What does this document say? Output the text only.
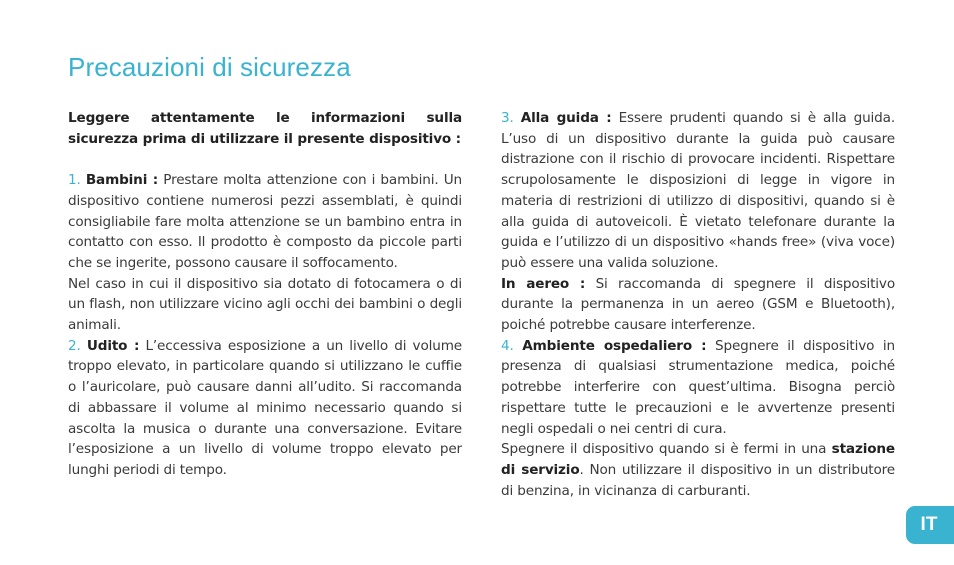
Precauzioni di sicurezza

Leggere attentamente le informazioni sulla sicurezza prima di utilizzare il presente dispositivo :

1. Bambini : Prestare molta attenzione con i bambini. Un dispositivo contiene numerosi pezzi assemblati, è quindi consigliabile fare molta attenzione se un bambino entra in contatto con esso. Il prodotto è composto da piccole parti che se ingerite, possono causare il soffocamento.

Nel caso in cui il dispositivo sia dotato di fotocamera o di un flash, non utilizzare vicino agli occhi dei bambini o degli animali.

2. Udito : L’eccessiva esposizione a un livello di volume troppo elevato, in particolare quando si utilizzano le cuffie o l’auricolare, può causare danni all’udito. Si raccomanda di abbassare il volume al minimo necessario quando si ascolta la musica o durante una conversazione. Evitare l’esposizione a un livello di volume troppo elevato per lunghi periodi di tempo.

3. Alla guida : Essere prudenti quando si è alla guida. L’uso di un dispositivo durante la guida può causare distrazione con il rischio di provocare incidenti. Rispettare scrupolosamente le disposizioni di legge in vigore in materia di restrizioni di utilizzo di dispositivi, quando si è alla guida di autoveicoli. È vietato telefonare durante la guida e l’utilizzo di un dispositivo «hands free» (viva voce) può essere una valida soluzione.

In aereo : Si raccomanda di spegnere il dispositivo durante la permanenza in un aereo (GSM e Bluetooth), poiché potrebbe causare interferenze.

4. Ambiente ospedaliero : Spegnere il dispositivo in presenza di qualsiasi strumentazione medica, poiché potrebbe interferire con quest’ultima. Bisogna perciò rispettare tutte le precauzioni e le avvertenze presenti negli ospedali o nei centri di cura.

Spegnere il dispositivo quando si è fermi in una stazione di servizio. Non utilizzare il dispositivo in un distributore di benzina, in vicinanza di carburanti.

IT
